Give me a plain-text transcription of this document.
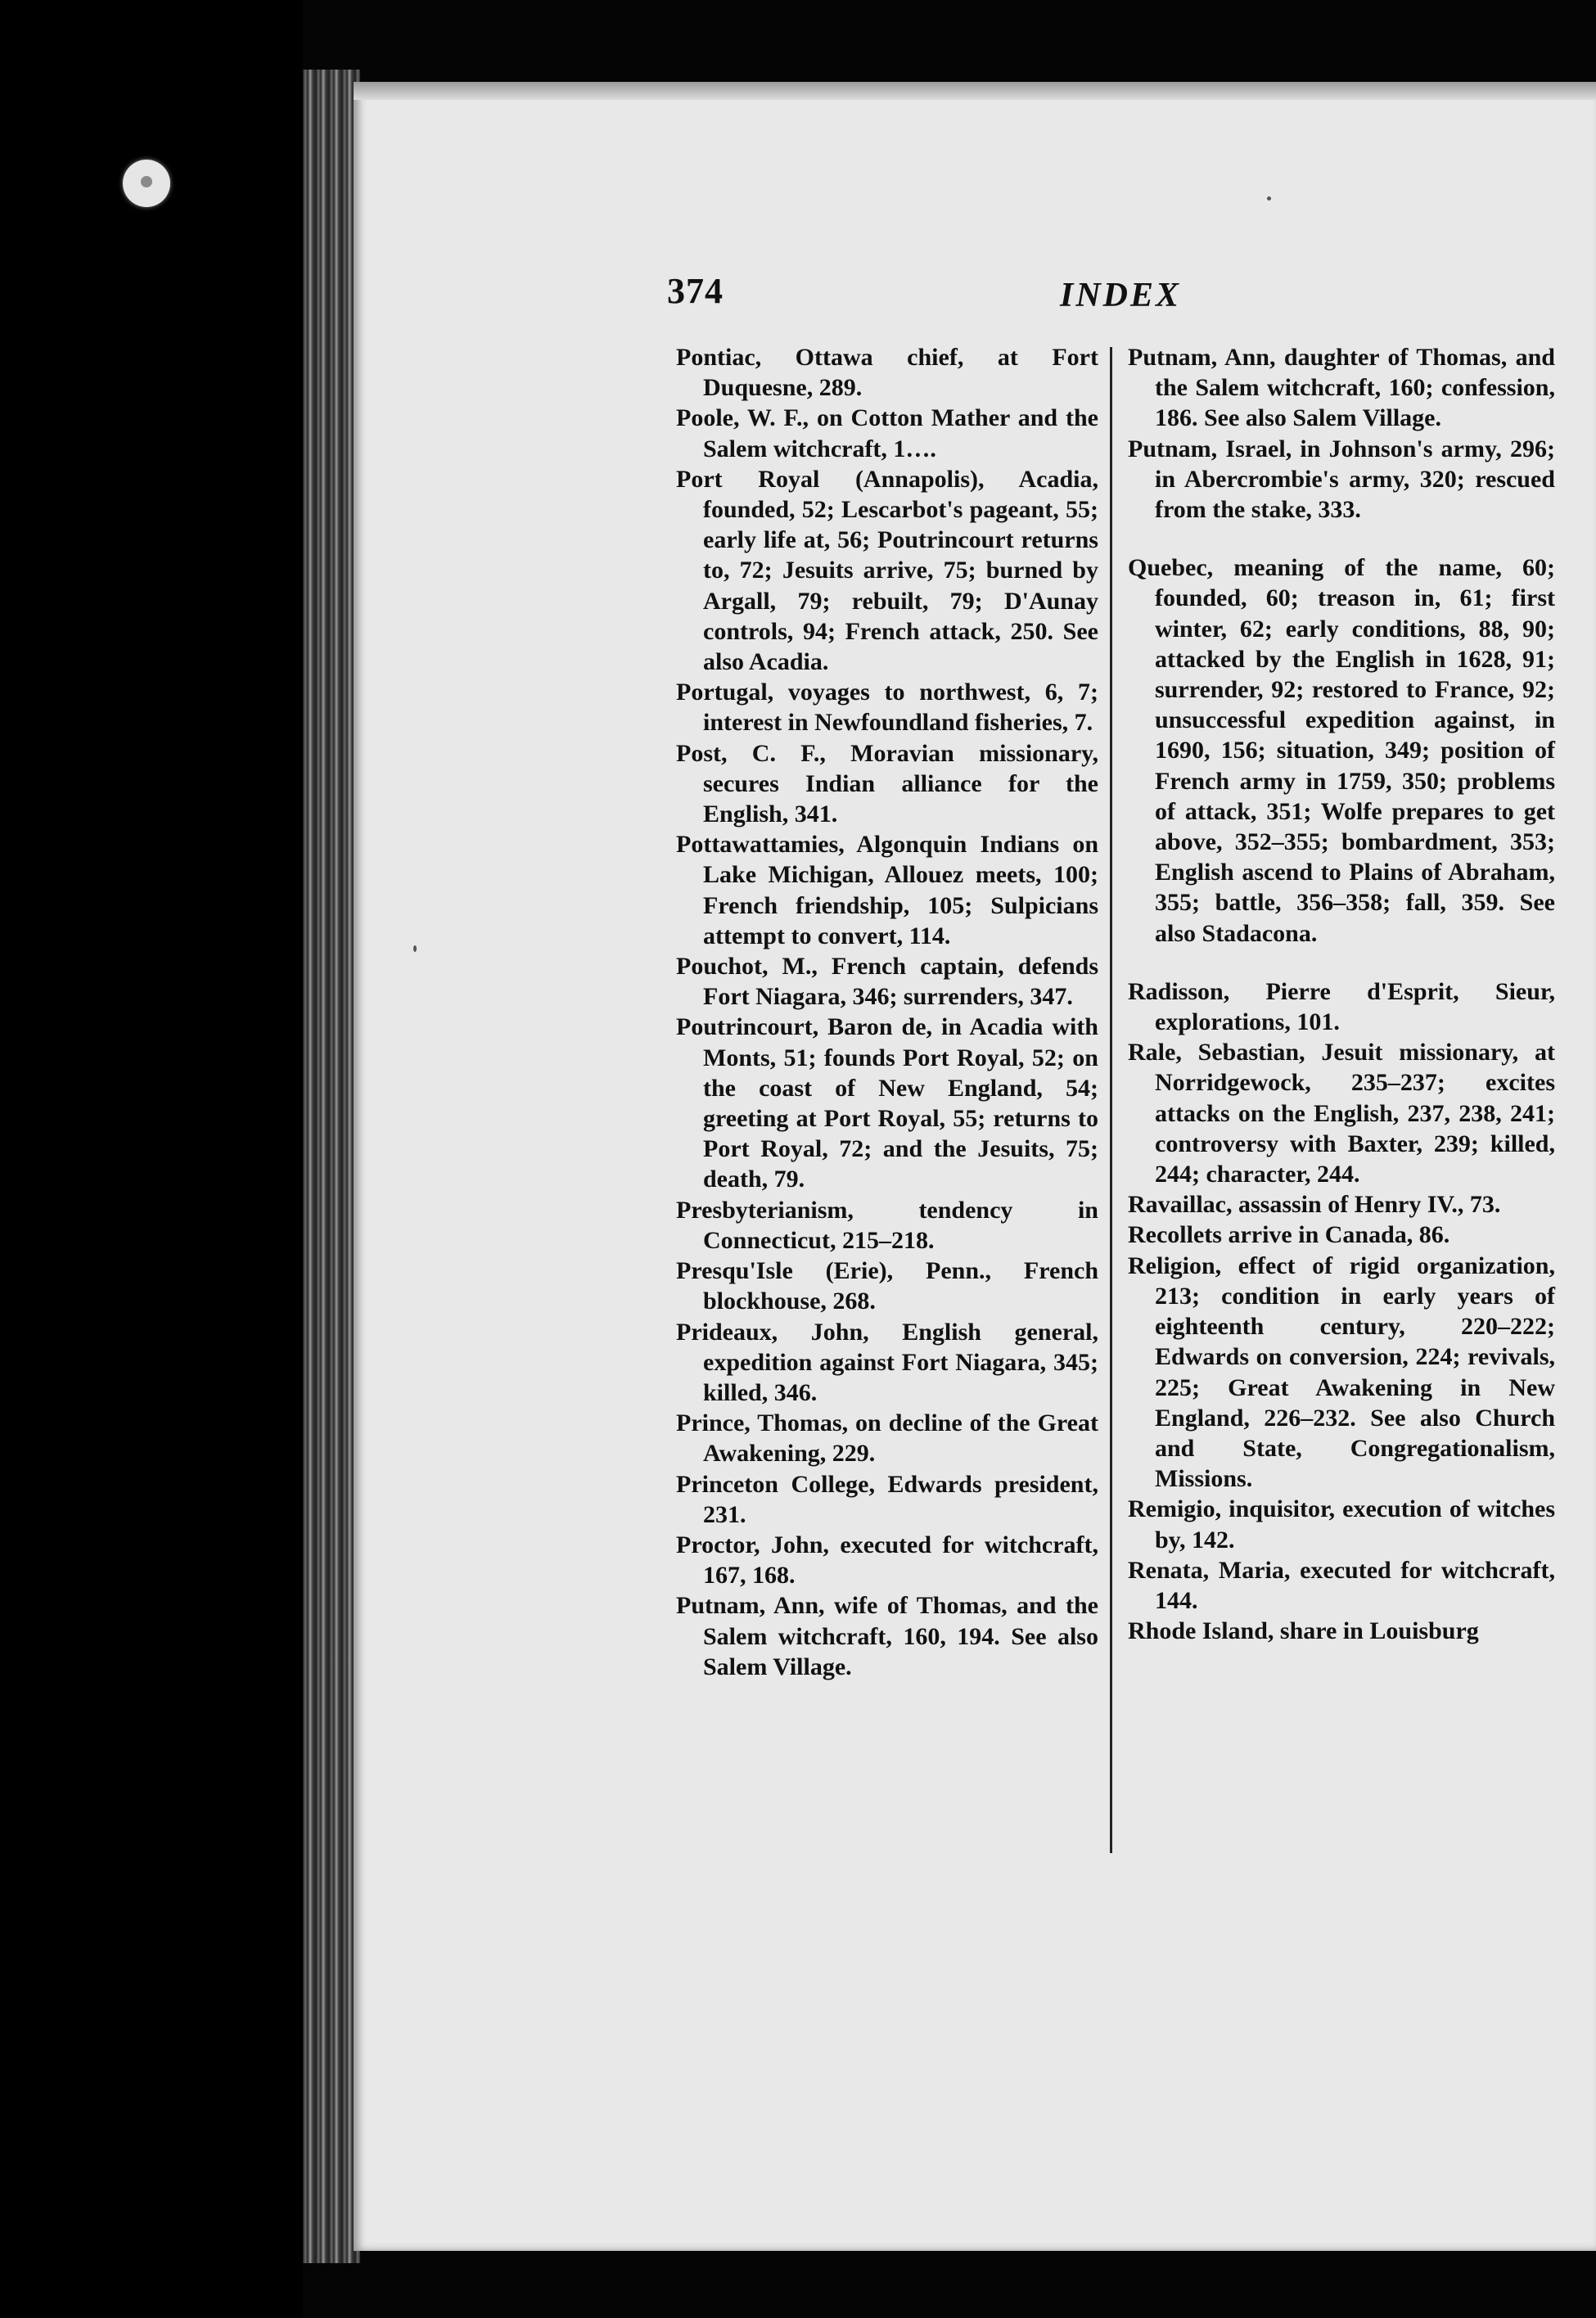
374	INDEX

Pontiac, Ottawa chief, at Fort Duquesne, 289.

Poole, W. F., on Cotton Mather and the Salem witchcraft, 1….

Port Royal (Annapolis), Acadia, founded, 52; Lescarbot's pageant, 55; early life at, 56; Poutrincourt returns to, 72; Jesuits arrive, 75; burned by Argall, 79; rebuilt, 79; D'Aunay controls, 94; French attack, 250. See also Acadia.

Portugal, voyages to northwest, 6, 7; interest in Newfoundland fisheries, 7.

Post, C. F., Moravian missionary, secures Indian alliance for the English, 341.

Pottawattamies, Algonquin Indians on Lake Michigan, Allouez meets, 100; French friendship, 105; Sulpicians attempt to convert, 114.

Pouchot, M., French captain, defends Fort Niagara, 346; surrenders, 347.

Poutrincourt, Baron de, in Acadia with Monts, 51; founds Port Royal, 52; on the coast of New England, 54; greeting at Port Royal, 55; returns to Port Royal, 72; and the Jesuits, 75; death, 79.

Presbyterianism, tendency in Connecticut, 215–218.

Presqu'Isle (Erie), Penn., French blockhouse, 268.

Prideaux, John, English general, expedition against Fort Niagara, 345; killed, 346.

Prince, Thomas, on decline of the Great Awakening, 229.

Princeton College, Edwards president, 231.

Proctor, John, executed for witchcraft, 167, 168.

Putnam, Ann, wife of Thomas, and the Salem witchcraft, 160, 194. See also Salem Village.

Putnam, Ann, daughter of Thomas, and the Salem witchcraft, 160; confession, 186. See also Salem Village.

Putnam, Israel, in Johnson's army, 296; in Abercrombie's army, 320; rescued from the stake, 333.

Quebec, meaning of the name, 60; founded, 60; treason in, 61; first winter, 62; early conditions, 88, 90; attacked by the English in 1628, 91; surrender, 92; restored to France, 92; unsuccessful expedition against, in 1690, 156; situation, 349; position of French army in 1759, 350; problems of attack, 351; Wolfe prepares to get above, 352–355; bombardment, 353; English ascend to Plains of Abraham, 355; battle, 356–358; fall, 359. See also Stadacona.

Radisson, Pierre d'Esprit, Sieur, explorations, 101.

Rale, Sebastian, Jesuit missionary, at Norridgewock, 235–237; excites attacks on the English, 237, 238, 241; controversy with Baxter, 239; killed, 244; character, 244.

Ravaillac, assassin of Henry IV., 73.

Recollets arrive in Canada, 86.

Religion, effect of rigid organization, 213; condition in early years of eighteenth century, 220–222; Edwards on conversion, 224; revivals, 225; Great Awakening in New England, 226–232. See also Church and State, Congregationalism, Missions.

Remigio, inquisitor, execution of witches by, 142.

Renata, Maria, executed for witchcraft, 144.

Rhode Island, share in Louisburg
